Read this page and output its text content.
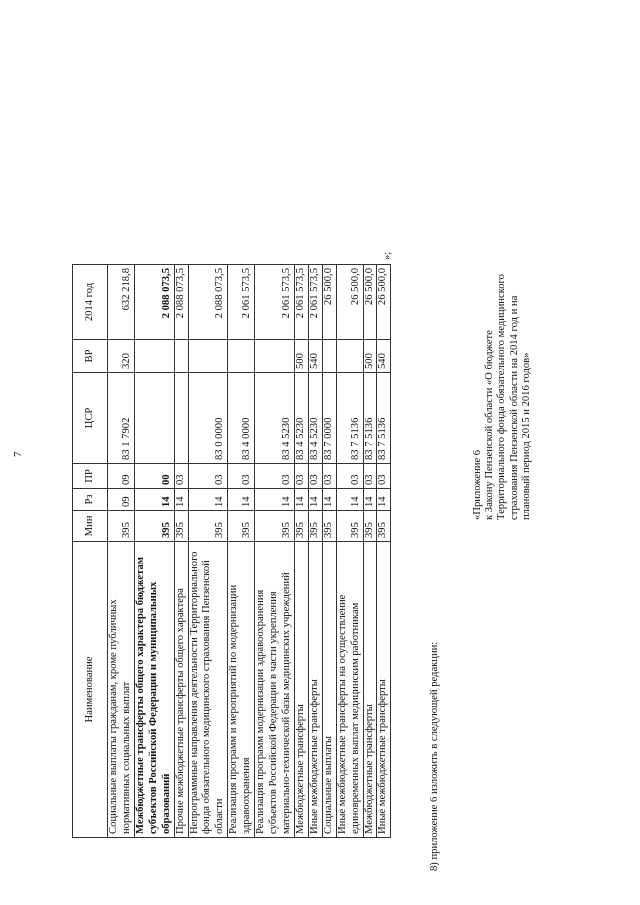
7
Наименование	Мин	Рз	ПР	ЦСР	ВР	2014 год
Социальные выплаты гражданам, кроме публичных нормативных социальных выплат	395	09	09	83 1 7902	320	632 218,8
Межбюджетные трансферты общего характера бюджетам субъектов Российской Федерации и муниципальных образований	395	14	00			2 088 073,5
Прочие межбюджетные трансферты общего характера	395	14	03			2 088 073,5
Непрограммные направления деятельности Территориального фонда обязательного медицинского страхования Пензенской области	395	14	03	83 0 0000		2 088 073,5
Реализация программ и мероприятий по модернизации здравоохранения	395	14	03	83 4 0000		2 061 573,5
Реализация программ модернизации здравоохранения субъектов Российской Федерации в части укрепления материально-технической базы медицинских учреждений	395	14	03	83 4 5230		2 061 573,5
Межбюджетные трансферты	395	14	03	83 4 5230	500	2 061 573,5
Иные межбюджетные трансферты	395	14	03	83 4 5230	540	2 061 573,5
Социальные выплаты	395	14	03	83 7 0000		26 500,0
Иные межбюджетные трансферты на осуществление единовременных выплат медицинским работникам	395	14	03	83 7 5136		26 500,0
Межбюджетные трансферты	395	14	03	83 7 5136	500	26 500,0
Иные межбюджетные трансферты	395	14	03	83 7 5136	540	26 500,0
»;
8) приложение 6 изложить в следующей редакции:
«Приложение 6 к Закону Пензенской области «О бюджете Территориального фонда обязательного медицинского страхования Пензенской области на 2014 год и на плановый период 2015 и 2016 годов»
